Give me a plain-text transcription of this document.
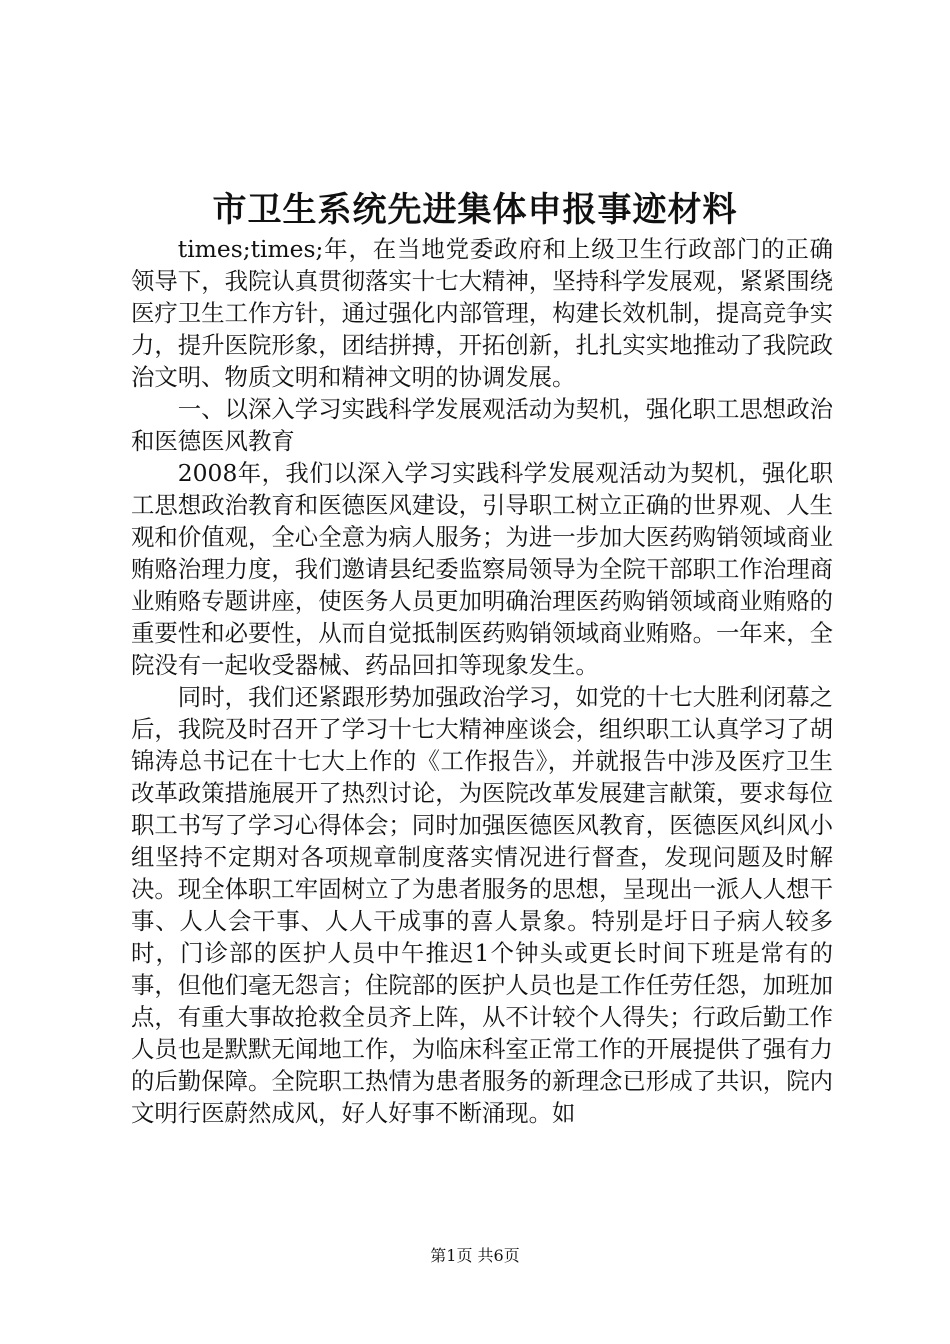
市卫生系统先进集体申报事迹材料

times;times;年，在当地党委政府和上级卫生行政部门的正确领导下，我院认真贯彻落实十七大精神，坚持科学发展观，紧紧围绕医疗卫生工作方针，通过强化内部管理，构建长效机制，提高竞争实力，提升医院形象，团结拼搏，开拓创新，扎扎实实地推动了我院政治文明、物质文明和精神文明的协调发展。

一、以深入学习实践科学发展观活动为契机，强化职工思想政治和医德医风教育

2008年，我们以深入学习实践科学发展观活动为契机，强化职工思想政治教育和医德医风建设，引导职工树立正确的世界观、人生观和价值观，全心全意为病人服务；为进一步加大医药购销领域商业贿赂治理力度，我们邀请县纪委监察局领导为全院干部职工作治理商业贿赂专题讲座，使医务人员更加明确治理医药购销领域商业贿赂的重要性和必要性，从而自觉抵制医药购销领域商业贿赂。一年来，全院没有一起收受器械、药品回扣等现象发生。

同时，我们还紧跟形势加强政治学习，如党的十七大胜利闭幕之后，我院及时召开了学习十七大精神座谈会，组织职工认真学习了胡锦涛总书记在十七大上作的《工作报告》，并就报告中涉及医疗卫生改革政策措施展开了热烈讨论，为医院改革发展建言献策，要求每位职工书写了学习心得体会；同时加强医德医风教育，医德医风纠风小组坚持不定期对各项规章制度落实情况进行督查，发现问题及时解决。现全体职工牢固树立了为患者服务的思想，呈现出一派人人想干事、人人会干事、人人干成事的喜人景象。特别是圩日子病人较多时，门诊部的医护人员中午推迟1个钟头或更长时间下班是常有的事，但他们毫无怨言；住院部的医护人员也是工作任劳任怨，加班加点，有重大事故抢救全员齐上阵，从不计较个人得失；行政后勤工作人员也是默默无闻地工作，为临床科室正常工作的开展提供了强有力的后勤保障。全院职工热情为患者服务的新理念已形成了共识，院内文明行医蔚然成风，好人好事不断涌现。如

第1页 共6页
